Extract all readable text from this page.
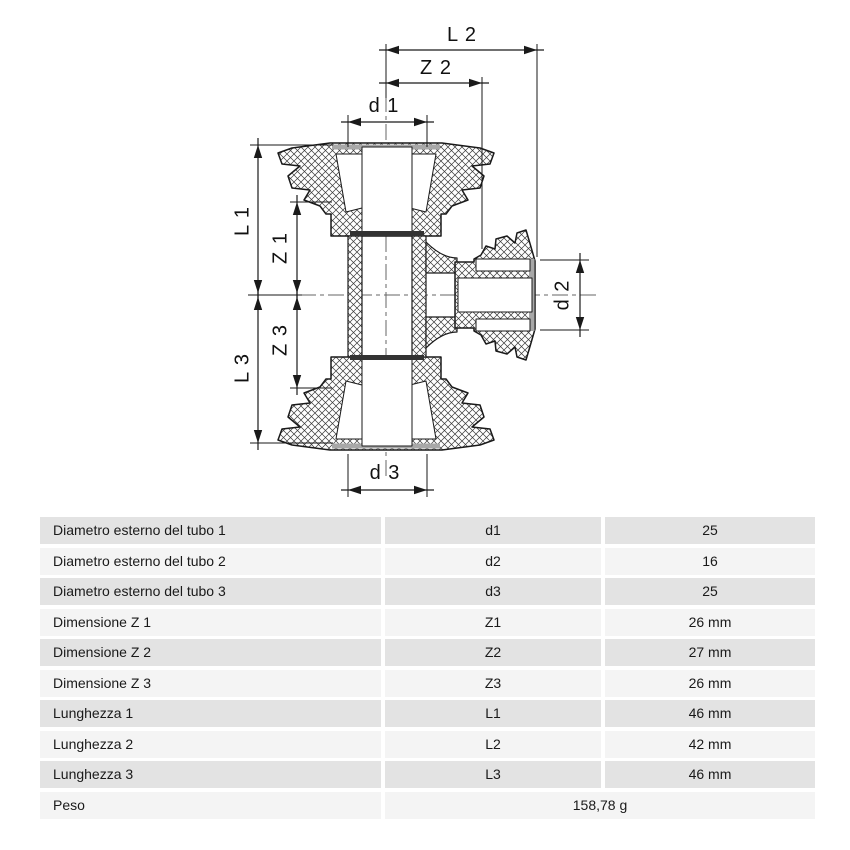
L 2
Z 2
d 1
L 1
Z 1
Z 3
L 3
d 2
d 3
Diametro esterno del tubo 1	d1	25
Diametro esterno del tubo 2	d2	16
Diametro esterno del tubo 3	d3	25
Dimensione Z 1	Z1	26 mm
Dimensione Z 2	Z2	27 mm
Dimensione Z 3	Z3	26 mm
Lunghezza 1	L1	46 mm
Lunghezza 2	L2	42 mm
Lunghezza 3	L3	46 mm
Peso	158,78 g
